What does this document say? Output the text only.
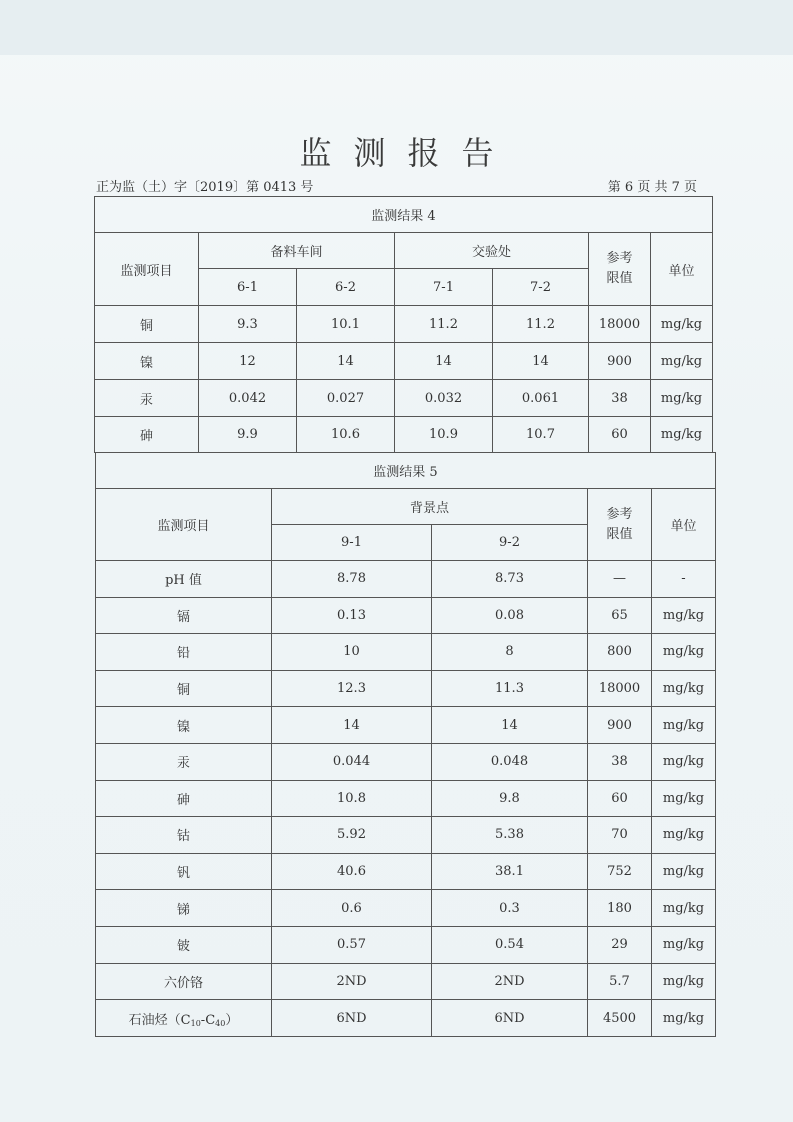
监测报告
正为监（土）字〔2019〕第 0413 号	第 6 页 共 7 页
监测结果 4						
监测项目	备料车间		交验处		参考限值	单位
	6-1	6-2	7-1	7-2		
铜	9.3	10.1	11.2	11.2	18000	mg/kg
镍	12	14	14	14	900	mg/kg
汞	0.042	0.027	0.032	0.061	38	mg/kg
砷	9.9	10.6	10.9	10.7	60	mg/kg
监测结果 5				
监测项目	背景点		参考限值	单位
	9-1	9-2		
pH 值	8.78	8.73	—	-
镉	0.13	0.08	65	mg/kg
铅	10	8	800	mg/kg
铜	12.3	11.3	18000	mg/kg
镍	14	14	900	mg/kg
汞	0.044	0.048	38	mg/kg
砷	10.8	9.8	60	mg/kg
钴	5.92	5.38	70	mg/kg
钒	40.6	38.1	752	mg/kg
锑	0.6	0.3	180	mg/kg
铍	0.57	0.54	29	mg/kg
六价铬	2ND	2ND	5.7	mg/kg
石油烃$(C_{10}-C_{40})$	6ND	6ND	4500	mg/kg
